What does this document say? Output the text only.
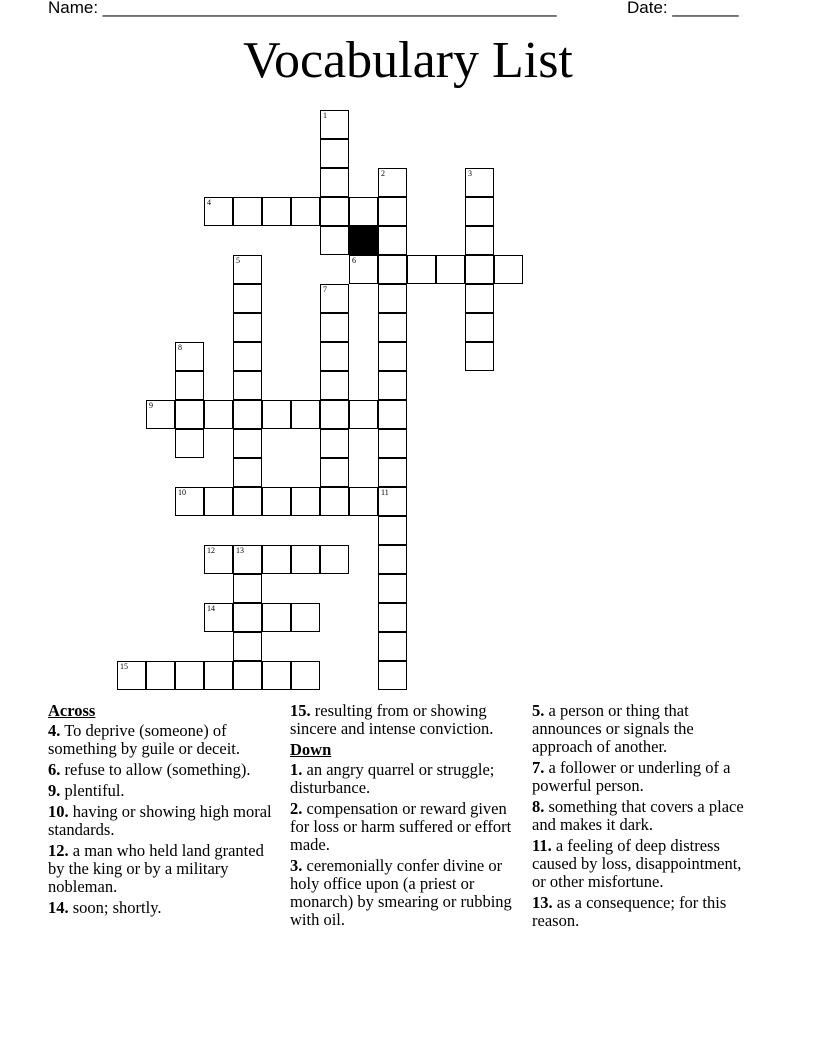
Name: ________________________________________________	Date: _______
Vocabulary List
1
7
6
2
11
3
4
5
8
9
10
12	13
14
15
Across
4. To deprive (someone) of something by guile or deceit.
6. refuse to allow (something).
9. plentiful.
10. having or showing high moral standards.
12. a man who held land granted by the king or by a military nobleman.
14. soon; shortly.
15. resulting from or showing sincere and intense conviction.
Down
1. an angry quarrel or struggle; disturbance.
2. compensation or reward given for loss or harm suffered or effort made.
3. ceremonially confer divine or holy office upon (a priest or monarch) by smearing or rubbing with oil.
5. a person or thing that announces or signals the approach of another.
7. a follower or underling of a powerful person.
8. something that covers a place and makes it dark.
11. a feeling of deep distress caused by loss, disappointment, or other misfortune.
13. as a consequence; for this reason.
